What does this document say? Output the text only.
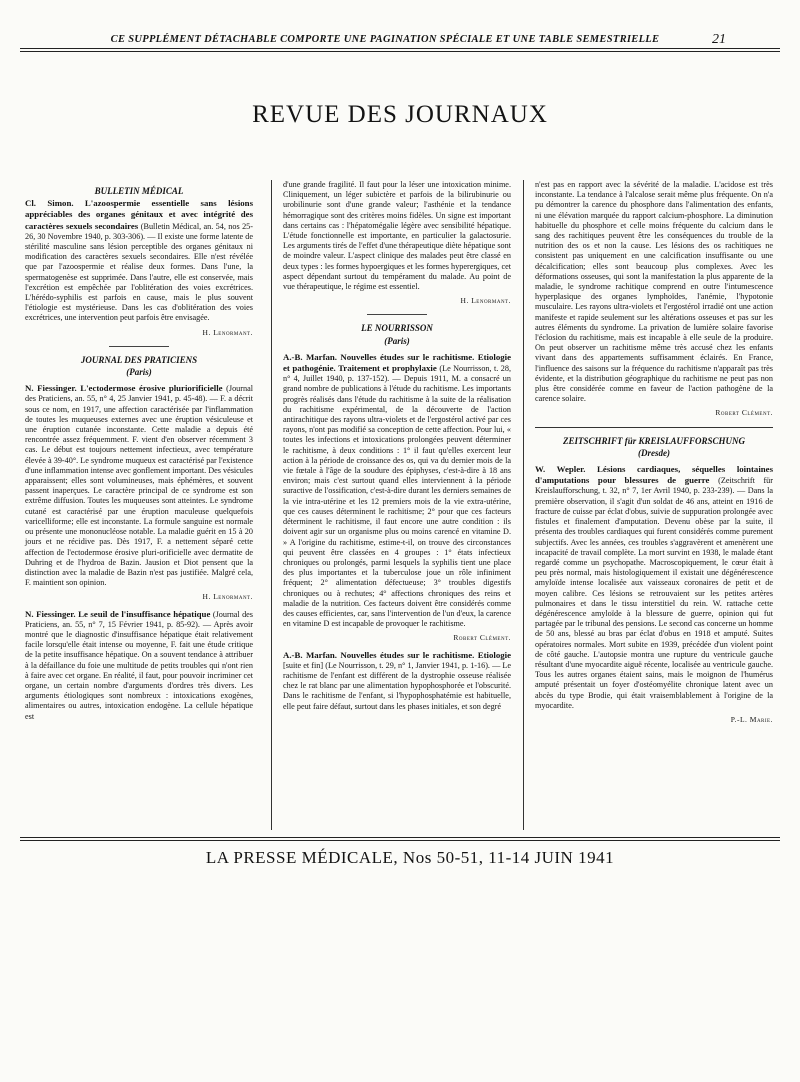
CE SUPPLÉMENT DÉTACHABLE COMPORTE UNE PAGINATION SPÉCIALE ET UNE TABLE SEMESTRIELLE	21
REVUE DES JOURNAUX
BULLETIN MÉDICAL
Cl. Simon. L'azoospermie essentielle sans lésions appréciables des organes génitaux et avec intégrité des caractères sexuels secondaires (Bulletin Médical, an. 54, nos 25-26, 30 Novembre 1940, p. 303-306). — Il existe une forme latente de stérilité masculine sans lésion perceptible des organes génitaux ni modification des caractères sexuels secondaires. Elle n'est révélée que par l'azoospermie et réalise deux formes. Dans l'une, la spermatogenèse est supprimée. Dans l'autre, elle est conservée, mais l'excrétion est empêchée par l'oblitération des voies excrétrices. L'hérédo-syphilis est parfois en cause, mais le plus souvent l'étiologie est mystérieuse. Dans les cas d'oblitération des voies excrétrices, une intervention peut parfois être envisagée.
H. Lenormant.
JOURNAL DES PRATICIENS
(Paris)
N. Fiessinger. L'ectodermose érosive pluriorificielle (Journal des Praticiens, an. 55, n° 4, 25 Janvier 1941, p. 45-48). — F. a décrit sous ce nom, en 1917, une affection caractérisée par l'inflammation de toutes les muqueuses externes avec une éruption vésiculeuse et une éruption cutanée inconstante. Cette maladie a depuis été rencontrée assez fréquemment. F. vient d'en observer récemment 3 cas. Le début est toujours nettement infectieux, avec température élevée à 39-40°. Le syndrome muqueux est caractérisé par l'existence d'une inflammation intense avec gonflement important. Des vésicules apparaissent; elles sont volumineuses, mais éphémères, et souvent passent inaperçues. Le caractère principal de ce syndrome est son extrême diffusion. Toutes les muqueuses sont atteintes. Le syndrome cutané est caractérisé par une éruption maculeuse quelquefois varicelliforme; elle est inconstante. La formule sanguine est normale ou présente une mononucléose notable. La maladie guérit en 15 à 20 jours et ne récidive pas. Dès 1917, F. a nettement séparé cette affection de l'ectodermose érosive pluri-orificielle avec dermatite de Duhring et de l'hydroa de Bazin. Jausion et Diot pensent que la distinction avec la maladie de Bazin n'est pas justifiée. Malgré cela, F. maintient son opinion.
H. Lenormant.
N. Fiessinger. Le seuil de l'insuffisance hépatique (Journal des Praticiens, an. 55, n° 7, 15 Février 1941, p. 85-92). — Après avoir montré que le diagnostic d'insuffisance hépatique était relativement facile lorsqu'elle était intense ou moyenne, F. fait une étude critique de la petite insuffisance hépatique. On a souvent tendance à attribuer à la défaillance du foie une multitude de petits troubles qui n'ont rien à faire avec cet organe. En réalité, il faut, pour pouvoir incriminer cet organe, un certain nombre d'arguments d'ordres très divers. Les arguments étiologiques sont nombreux : intoxications exogènes, alimentaires ou autres, intoxication endogène. La cellule hépatique est
d'une grande fragilité. Il faut pour la léser une intoxication minime. Cliniquement, un léger subictère et parfois de la bilirubinurie ou urobilinurie sont d'une grande valeur; l'asthénie et la tendance hémorragique sont des critères moins fidèles. Un signe est important dans certains cas : l'hépatomégalie légère avec sensibilité hépatique. L'étude fonctionnelle est importante, en particulier la galactosurie. Les arguments tirés de l'effet d'une thérapeutique diète hépatique sont de moindre valeur. L'aspect clinique des malades peut être classé en deux types : les formes hypoergiques et les formes hyperergiques, cet aspect dépendant surtout du tempérament du malade. Au point de vue thérapeutique, le régime est essentiel.
H. Lenormant.
LE NOURRISSON
(Paris)
A.-B. Marfan. Nouvelles études sur le rachitisme. Etiologie et pathogénie. Traitement et prophylaxie (Le Nourrisson, t. 28, n° 4, Juillet 1940, p. 137-152). — Depuis 1911, M. a consacré un grand nombre de publications à l'étude du rachitisme. Les importants progrès réalisés dans l'étude du rachitisme à la suite de la réalisation du rachitisme expérimental, de la découverte de l'action antirachitique des rayons ultra-violets et de l'ergostérol activé par ces rayons, n'ont pas modifié sa conception de cette affection. Pour lui, « toutes les infections et intoxications prolongées peuvent déterminer le rachitisme, à deux conditions : 1° il faut qu'elles exercent leur action à la période de croissance des os, qui va du dernier mois de la vie fœtale à l'âge de la soudure des épiphyses, c'est-à-dire à 18 ans environ; mais c'est surtout quand elles interviennent à la période suractive de l'ossification, c'est-à-dire durant les derniers semaines de la vie intra-utérine et les 12 premiers mois de la vie extra-utérine, que ces causes déterminent le rachitisme; 2° pour que ces facteurs déterminent le rachitisme, il faut encore une autre condition : ils doivent agir sur un organisme plus ou moins carencé en vitamine D. » A l'origine du rachitisme, estime-t-il, on trouve des circonstances qui peuvent être classées en 4 groupes : 1° états infectieux chroniques ou prolongés, parmi lesquels la syphilis tient une place des plus importantes et la tuberculose joue un rôle infiniment fréquent; 2° alimentation défectueuse; 3° troubles digestifs chroniques ou à rechutes; 4° affections chroniques des reins et maladie de la nutrition. Ces facteurs doivent être considérés comme des causes efficientes, car, sans l'intervention de l'un d'eux, la carence en vitamine D est incapable de provoquer le rachitisme.
Robert Clément.
A.-B. Marfan. Nouvelles études sur le rachitisme. Etiologie [suite et fin] (Le Nourrisson, t. 29, n° 1, Janvier 1941, p. 1-16). — Le rachitisme de l'enfant est différent de la dystrophie osseuse réalisée chez le rat blanc par une alimentation hypophosphorée et l'obscurité. Dans le rachitisme de l'enfant, si l'hypophosphatémie est habituelle, elle peut faire défaut, surtout dans les phases initiales, et son degré
n'est pas en rapport avec la sévérité de la maladie. L'acidose est très inconstante. La tendance à l'alcalose serait même plus fréquente. On n'a pu démontrer la carence du phosphore dans l'alimentation des enfants, ni une élévation marquée du rapport calcium-phosphore. La diminution habituelle du phosphore et celle moins fréquente du calcium dans le sang des rachitiques peuvent être les conséquences du trouble de la nutrition des os et non la cause. Les lésions des os rachitiques ne consistent pas uniquement en une calcification insuffisante ou une décalcification; elles sont beaucoup plus complexes. Avec les déformations osseuses, qui sont la manifestation la plus apparente de la maladie, le syndrome rachitique comprend en outre l'intumescence hyperplasique des organes lymphoïdes, l'anémie, l'hypotonie musculaire. Les rayons ultra-violets et l'ergostérol irradié ont une action manifeste et rapide seulement sur les altérations osseuses et pas sur les autres éléments du syndrome. La privation de lumière solaire favorise l'éclosion du rachitisme, mais est incapable à elle seule de la produire. On peut observer un rachitisme même très accusé chez les enfants vivant dans des appartements suffisamment éclairés. En France, l'influence des saisons sur la fréquence du rachitisme n'apparaît pas très évidente, et la distribution géographique du rachitisme ne peut pas non plus être considérée comme en faveur de l'action pathogène de la carence solaire.
Robert Clément.
ZEITSCHRIFT für KREISLAUFFORSCHUNG
(Dresde)
W. Wepler. Lésions cardiaques, séquelles lointaines d'amputations pour blessures de guerre (Zeitschrift für Kreislaufforschung, t. 32, n° 7, 1er Avril 1940, p. 233-239). — Dans la première observation, il s'agit d'un soldat de 46 ans, atteint en 1916 de fracture de cuisse par éclat d'obus, suivie de suppuration prolongée avec fistules et finalement d'amputation. Devenu obèse par la suite, il présenta des troubles cardiaques qui furent considérés comme purement subjectifs. Avec les années, ces troubles s'aggravèrent et amenèrent une incapacité de travail complète. La mort survint en 1938, le malade étant regardé comme un psychopathe. Macroscopiquement, le cœur était à peu près normal, mais histologiquement il existait une dégénérescence amyloïde intense localisée aux vaisseaux coronaires de petit et de moyen calibre. Ces lésions se retrouvaient sur les petites artères pulmonaires et dans le tissu interstitiel du rein. W. rattache cette dégénérescence amyloïde à la blessure de guerre, opinion qui fut partagée par le tribunal des pensions. Le second cas concerne un homme de 50 ans, blessé au bras par éclat d'obus en 1918 et amputé. Suites opératoires normales. Mort subite en 1939, précédée d'un violent point de côté gauche. L'autopsie montra une rupture du ventricule gauche résultant d'une myocardite aiguë récente, localisée au ventricule gauche. Tous les autres organes étaient sains, mais le moignon de l'humérus amputé présentait un foyer d'ostéomyélite chronique latent avec un abcès du type Brodie, qui était vraisemblablement à l'origine de la myocardite.
P.-L. Marie.
LA PRESSE MÉDICALE, Nos 50-51, 11-14 JUIN 1941
